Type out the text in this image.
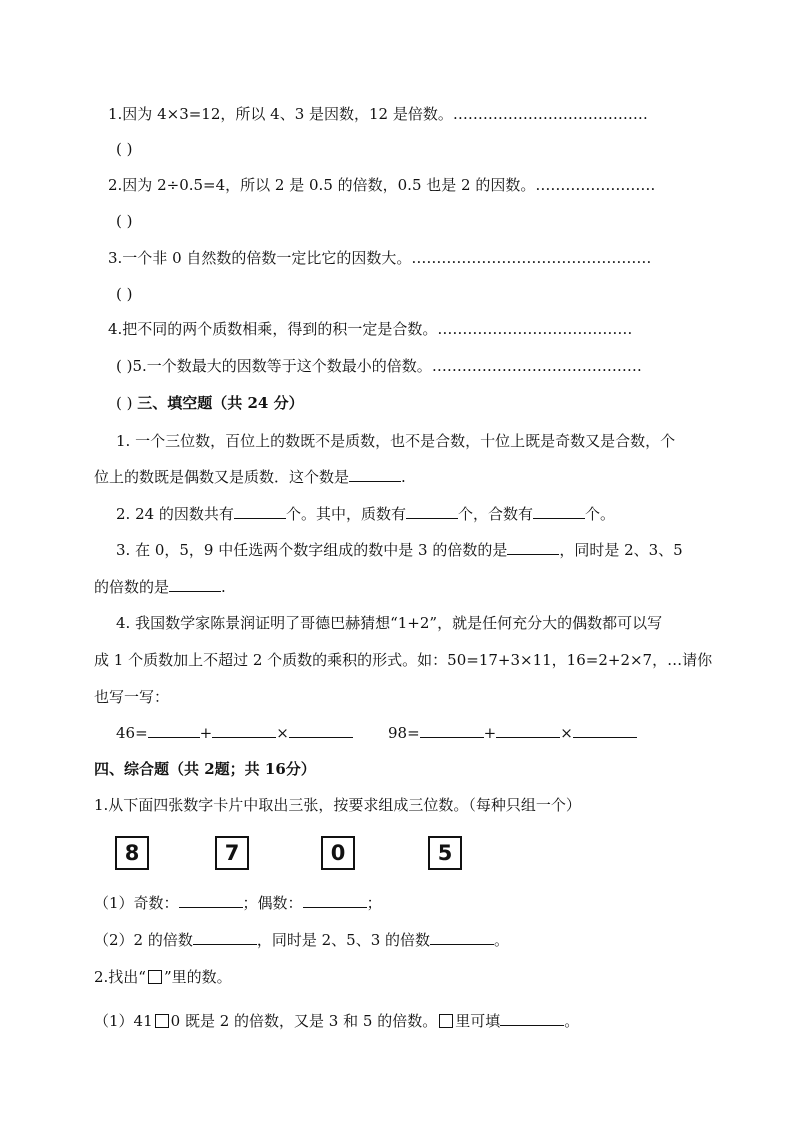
1.因为 4×3=12，所以 4、3 是因数，12 是倍数。…………………………………
( )
2.因为 2÷0.5=4，所以 2 是 0.5 的倍数，0.5 也是 2 的因数。……………………
( )
3.一个非 0 自然数的倍数一定比它的因数大。…………………………………………
( )
4.把不同的两个质数相乘，得到的积一定是合数。…………………………………
( )5.一个数最大的因数等于这个数最小的倍数。……………………………………
( ) 三、填空题（共 24 分）
1. 一个三位数，百位上的数既不是质数，也不是合数，十位上既是奇数又是合数，个
位上的数既是偶数又是质数．这个数是	.
2. 24 的因数共有	个。其中，质数有	个，合数有	个。
3. 在 0，5，9 中任选两个数字组成的数中是 3 的倍数的是	，同时是 2、3、5
的倍数的是	.
4. 我国数学家陈景润证明了哥德巴赫猜想“1+2”，就是任何充分大的偶数都可以写
成 1 个质数加上不超过 2 个质数的乘积的形式。如：50=17+3×11，16=2+2×7，…请你
也写一写：
46=	+	×	98=	+	×
四、综合题（共 2题；共 16分）
1.从下面四张数字卡片中取出三张，按要求组成三位数。（每种只组一个）
8	7	0	5
（1）奇数：	；偶数：	；
（2）2 的倍数	，同时是 2、5、3 的倍数	。
2.找出“ ”里的数。
（1）41 0 既是 2 的倍数，又是 3 和 5 的倍数。 里可填	。
